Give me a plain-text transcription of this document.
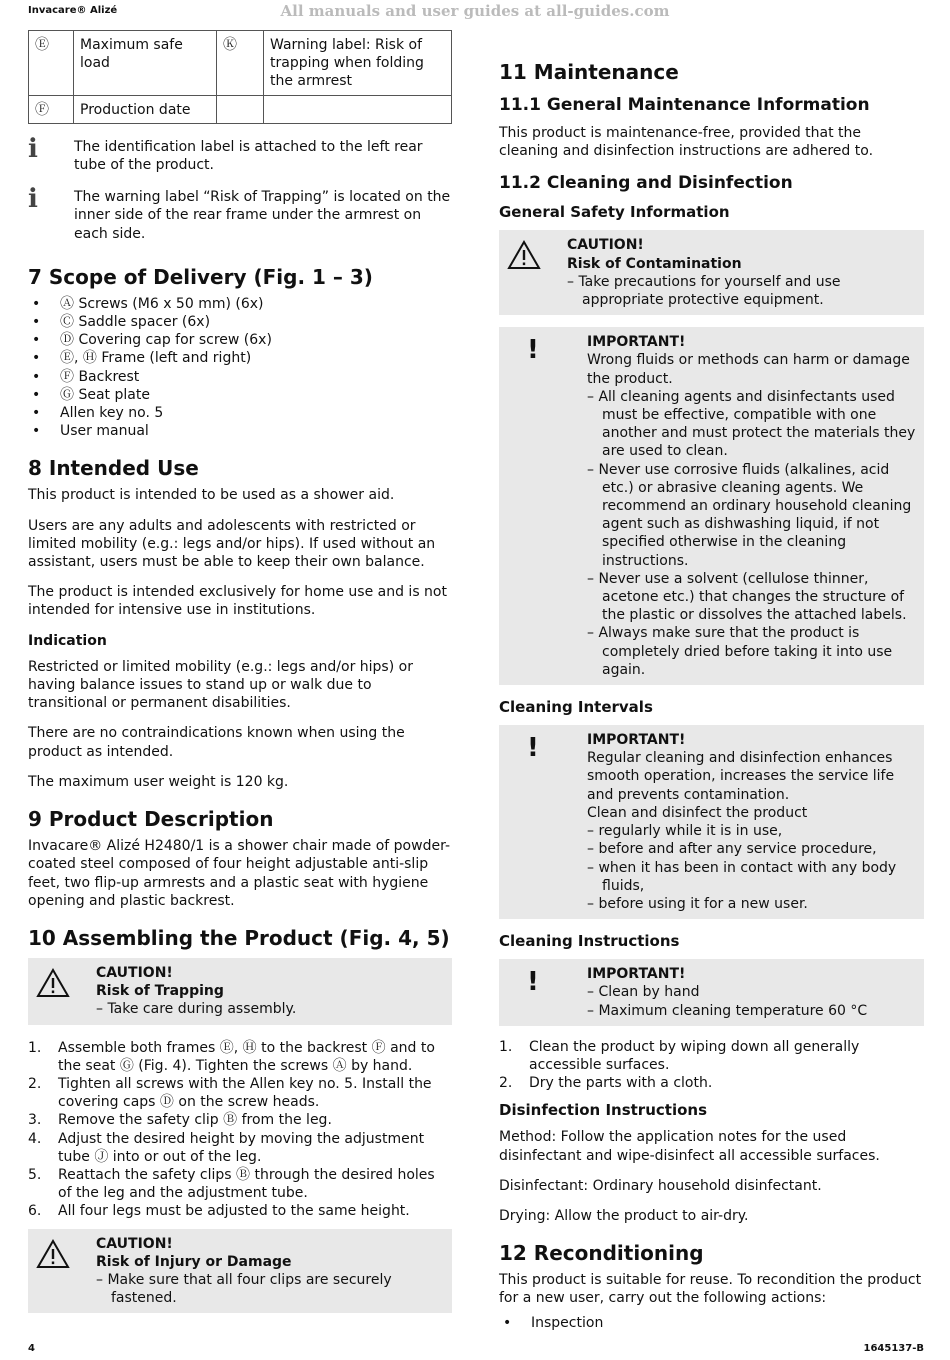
Invacare® Alizé	All manuals and user guides at all-guides.com
Ⓔ	Maximum safe load	Ⓚ	Warning label: Risk of trapping when folding the armrest
Ⓕ	Production date		
ℹ	The identification label is attached to the left rear tube of the product.
ℹ	The warning label “Risk of Trapping” is located on the inner side of the rear frame under the armrest on each side.
7 Scope of Delivery (Fig. 1 – 3)
• Ⓐ Screws (M6 x 50 mm) (6x)
• Ⓒ Saddle spacer (6x)
• Ⓓ Covering cap for screw (6x)
• Ⓔ, Ⓗ Frame (left and right)
• Ⓕ Backrest
• Ⓖ Seat plate
• Allen key no. 5
• User manual
8 Intended Use

This product is intended to be used as a shower aid.

Users are any adults and adolescents with restricted or limited mobility (e.g.: legs and/or hips). If used without an assistant, users must be able to keep their own balance.

The product is intended exclusively for home use and is not intended for intensive use in institutions.

Indication

Restricted or limited mobility (e.g.: legs and/or hips) or having balance issues to stand up or walk due to transitional or permanent disabilities.

There are no contraindications known when using the product as intended.

The maximum user weight is 120 kg.

9 Product Description

Invacare® Alizé H2480/1 is a shower chair made of powder-coated steel composed of four height adjustable anti-slip feet, two flip-up armrests and a plastic seat with hygiene opening and plastic backrest.

10 Assembling the Product (Fig. 4, 5)
CAUTION!
Risk of Trapping
– Take care during assembly.
1. Assemble both frames Ⓔ, Ⓗ to the backrest Ⓕ and to the seat Ⓖ (Fig. 4). Tighten the screws Ⓐ by hand.
2. Tighten all screws with the Allen key no. 5. Install the covering caps Ⓓ on the screw heads.
3. Remove the safety clip Ⓑ from the leg.
4. Adjust the desired height by moving the adjustment tube Ⓙ into or out of the leg.
5. Reattach the safety clips Ⓑ through the desired holes of the leg and the adjustment tube.
6. All four legs must be adjusted to the same height.
CAUTION!
Risk of Injury or Damage
– Make sure that all four clips are securely fastened.
11 Maintenance
11.1 General Maintenance Information

This product is maintenance-free, provided that the cleaning and disinfection instructions are adhered to.

11.2 Cleaning and Disinfection
General Safety Information
CAUTION!
Risk of Contamination
– Take precautions for yourself and use appropriate protective equipment.
!	IMPORTANT!
Wrong fluids or methods can harm or damage the product.
– All cleaning agents and disinfectants used must be effective, compatible with one another and must protect the materials they are used to clean.
– Never use corrosive fluids (alkalines, acid etc.) or abrasive cleaning agents. We recommend an ordinary household cleaning agent such as dishwashing liquid, if not specified otherwise in the cleaning instructions.
– Never use a solvent (cellulose thinner, acetone etc.) that changes the structure of the plastic or dissolves the attached labels.
– Always make sure that the product is completely dried before taking it into use again.
Cleaning Intervals
!	IMPORTANT!
Regular cleaning and disinfection enhances smooth operation, increases the service life and prevents contamination.
Clean and disinfect the product
– regularly while it is in use,
– before and after any service procedure,
– when it has been in contact with any body fluids,
– before using it for a new user.
Cleaning Instructions
!	IMPORTANT!
– Clean by hand
– Maximum cleaning temperature 60 °C
1. Clean the product by wiping down all generally accessible surfaces.
2. Dry the parts with a cloth.
Disinfection Instructions

Method: Follow the application notes for the used disinfectant and wipe-disinfect all accessible surfaces.

Disinfectant: Ordinary household disinfectant.

Drying: Allow the product to air-dry.

12 Reconditioning

This product is suitable for reuse. To recondition the product for a new user, carry out the following actions:

• Inspection
4	1645137-B
